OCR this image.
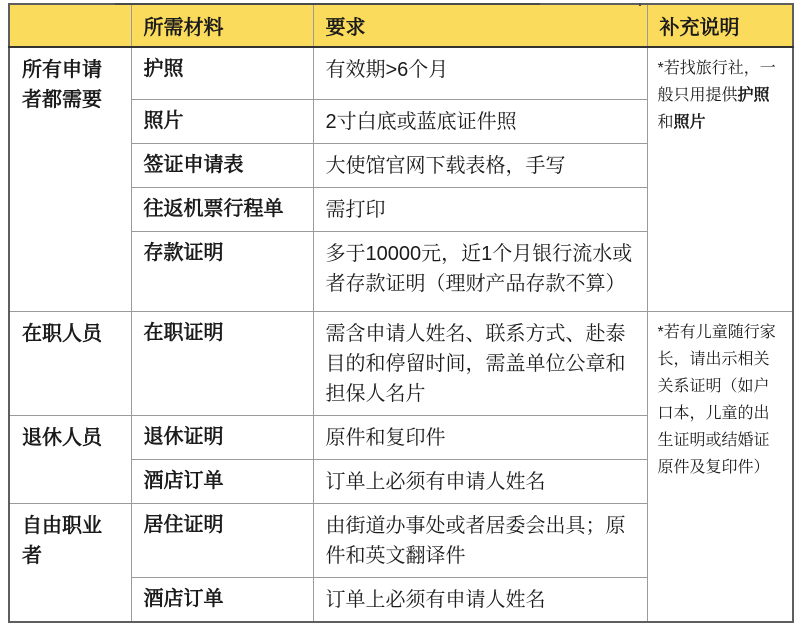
	所需材料	要求	补充说明
所有申请者都需要	护照	有效期>6个月	*若找旅行社，一般只用提供护照和照片
	照片	2寸白底或蓝底证件照	
	签证申请表	大使馆官网下载表格，手写	
	往返机票行程单	需打印	
	存款证明	多于10000元，近1个月银行流水或者存款证明（理财产品存款不算）	
在职人员	在职证明	需含申请人姓名、联系方式、赴泰目的和停留时间，需盖单位公章和担保人名片	*若有儿童随行家长，请出示相关关系证明（如户口本，儿童的出生证明或结婚证原件及复印件）
退休人员	退休证明	原件和复印件	
	酒店订单	订单上必须有申请人姓名	
自由职业者	居住证明	由街道办事处或者居委会出具；原件和英文翻译件	
	酒店订单	订单上必须有申请人姓名	
